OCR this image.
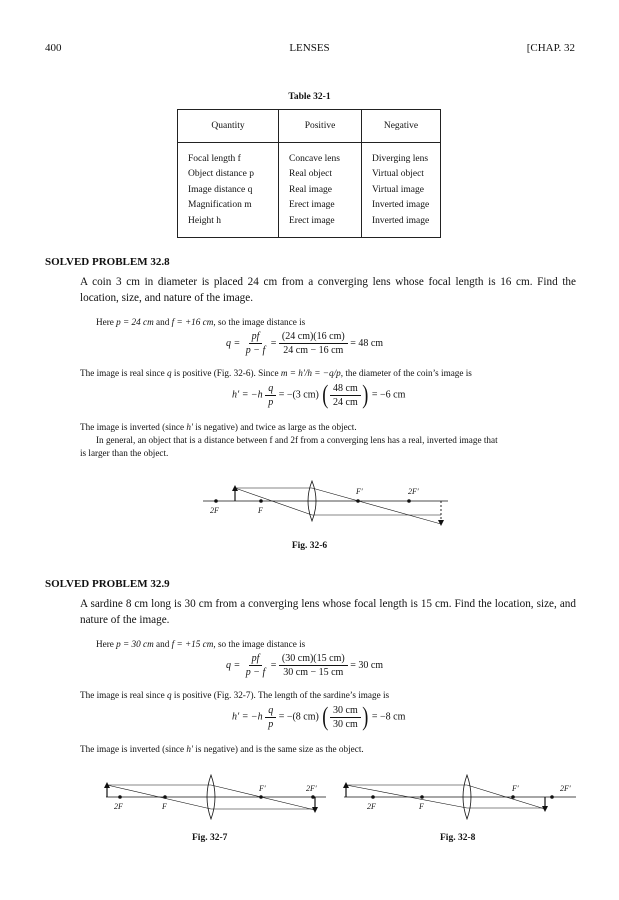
400	LENSES	[CHAP. 32
Table 32-1
Quantity	Positive	Negative
Focal length f	Concave lens	Diverging lens
Object distance p	Real object	Virtual object
Image distance q	Real image	Virtual image
Magnification m	Erect image	Inverted image
Height h	Erect image	Inverted image
SOLVED PROBLEM 32.8
A coin 3 cm in diameter is placed 24 cm from a converging lens whose focal length is 16 cm. Find the location, size, and nature of the image.
Here p = 24 cm and f = +16 cm, so the image distance is
$q = \frac{pf}{p - f} = \frac{(24 cm)(16 cm)}{24 cm - 16 cm} = 48$ cm
The image is real since q is positive (Fig. 32-6). Since m = h′/h = −q/p, the diameter of the coin’s image is
$h' = -h \frac{q}{p} = -(3$ cm) ( $\frac{48 cm}{24 cm}$ ) = −6 cm
The image is inverted (since h′ is negative) and twice as large as the object.
In general, an object that is a distance between f and 2f from a converging lens has a real, inverted image that
is larger than the object.
2F	F
F′	2F′
Fig. 32-6
SOLVED PROBLEM 32.9
A sardine 8 cm long is 30 cm from a converging lens whose focal length is 15 cm. Find the location, size, and nature of the image.
Here p = 30 cm and f = +15 cm, so the image distance is
$q = \frac{pf}{p - f} = \frac{(30 cm)(15 cm)}{30 cm - 15 cm} = 30$ cm
The image is real since q is positive (Fig. 32-7). The length of the sardine’s image is
$h' = -h \frac{q}{p} = -(8$ cm) ( $\frac{30 cm}{30 cm}$ ) = −8 cm
The image is inverted (since h′ is negative) and is the same size as the object.
2F	F
F′	2F′
Fig. 32-7
2F	F
F′	2F′
Fig. 32-8
